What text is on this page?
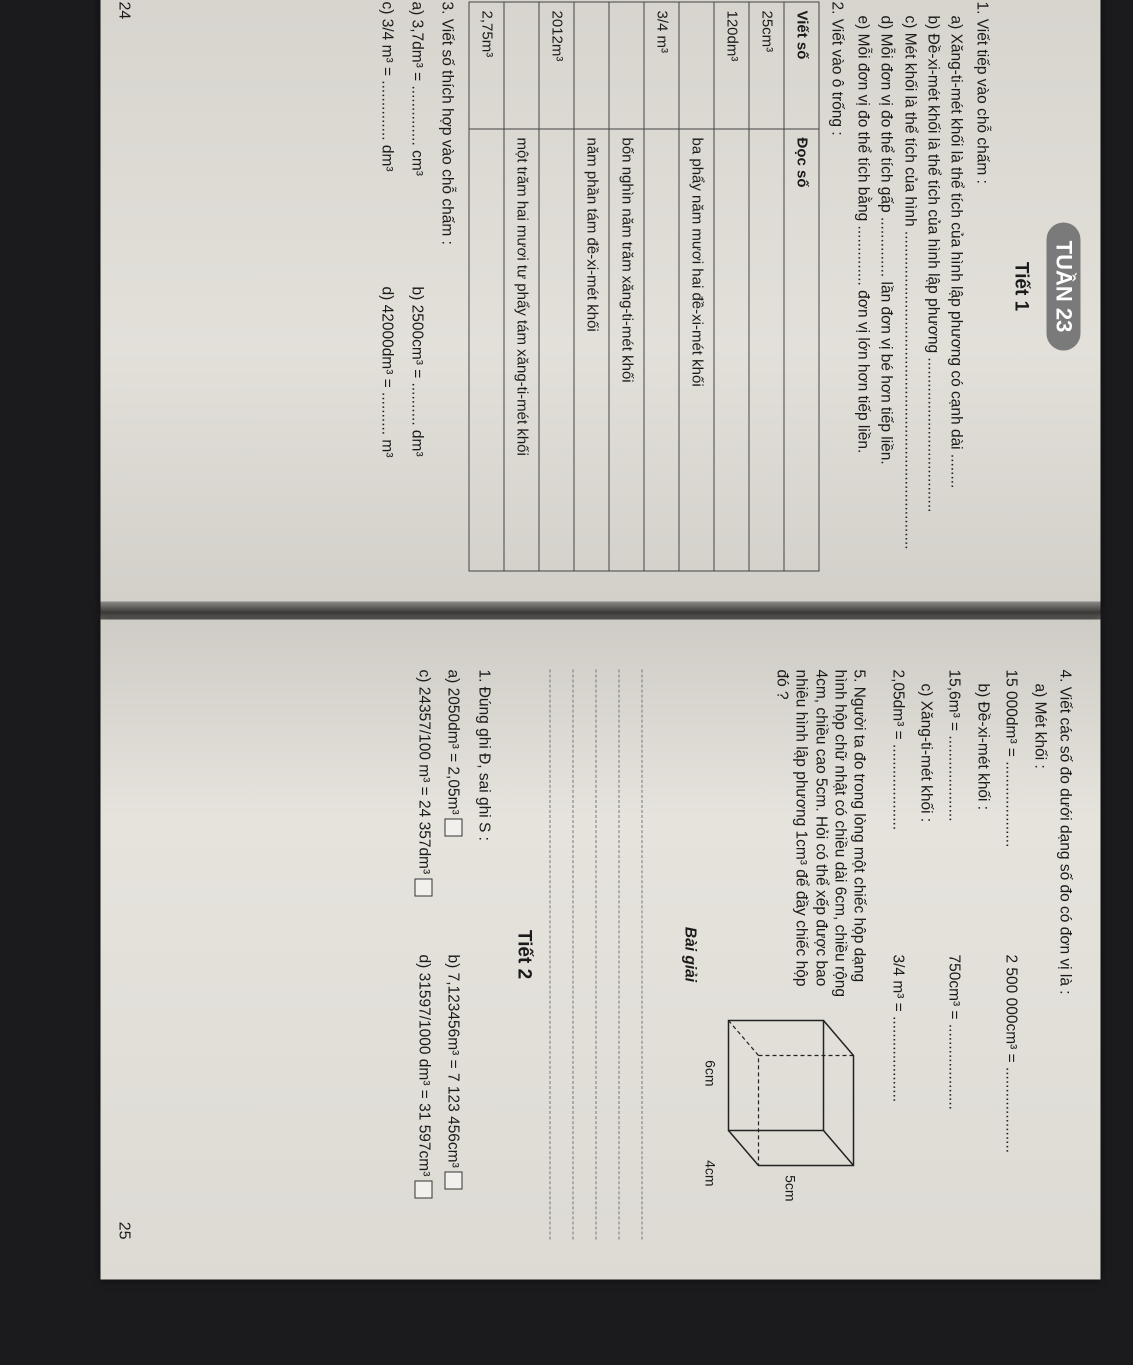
TUẦN 23
Tiết 1
1. Viết tiếp vào chỗ chấm :
a) Xăng-ti-mét khối là thể tích của hình lập phương có cạnh dài ........
b) Đề-xi-mét khối là thể tích của hình lập phương ....................................
c) Mét khối là thể tích của hình ..........................................................................
d) Mỗi đơn vị đo thể tích gấp .............. lần đơn vị bé hơn tiếp liền.
e) Mỗi đơn vị đo thể tích bằng .............. đơn vị lớn hơn tiếp liền.
2. Viết vào ô trống :
Viết số	Đọc số
25cm³	
120dm³	
	ba phẩy năm mươi hai đề-xi-mét khối
3/4 m³	
	bốn nghìn năm trăm xăng-ti-mét khối
	năm phần tám đề-xi-mét khối
2012m³	
	một trăm hai mươi tư phẩy tám xăng-ti-mét khối
2,75m³	
3. Viết số thích hợp vào chỗ chấm :
a) 3,7dm³ = .............. cm³
b) 2500cm³ = .......... dm³
c) 3/4 m³ = .............. dm³
d) 42000dm³ = .......... m³
24
4. Viết các số đo dưới dạng số đo có đơn vị là :
a) Mét khối :
15 000dm³ = ....................
2 500 000cm³ = ....................
b) Đề-xi-mét khối :
15,6m³ = ....................
750cm³ = ....................
c) Xăng-ti-mét khối :
2,05dm³ = ....................
3/4 m³ = ....................
5. Người ta đo trong lòng một chiếc hộp dạng hình hộp chữ nhật có chiều dài 6cm, chiều rộng 4cm, chiều cao 5cm. Hỏi có thể xếp được bao nhiêu hình lập phương 1cm³ để đầy chiếc hộp đó ?
6cm
4cm
5cm
Bài giải
Tiết 2
1. Đúng ghi Đ, sai ghi S :
a) 2050dm³ = 2,05m³
b) 7,123456m³ = 7 123 456cm³
c) 24357/100 m³ = 24 357dm³
d) 31597/1000 dm³ = 31 597cm³
25
